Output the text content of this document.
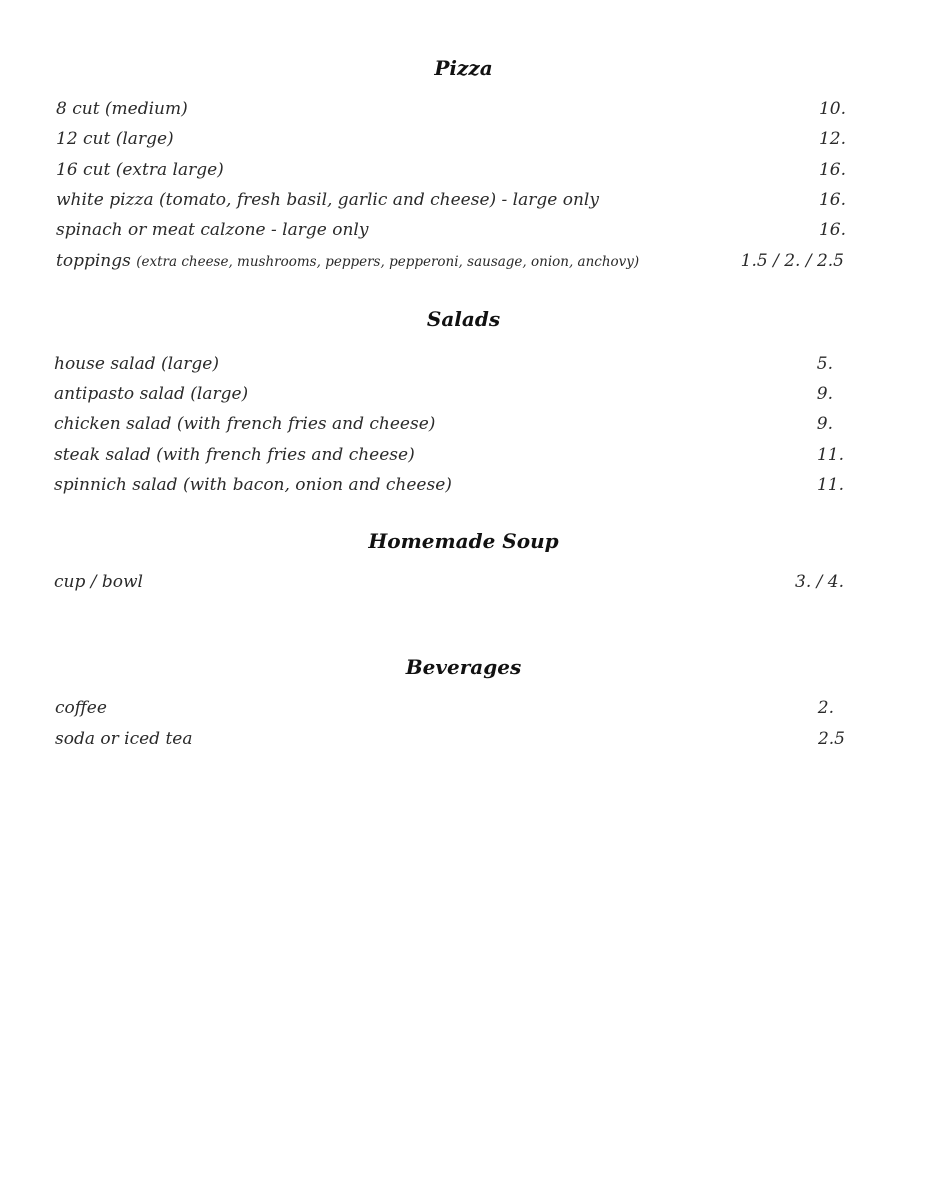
Pizza
8 cut (medium)	10.
12 cut (large)	12.
16 cut (extra large)	16.
white pizza (tomato, fresh basil, garlic and cheese) - large only	16.
spinach or meat calzone - large only	16.
toppings (extra cheese, mushrooms, peppers, pepperoni, sausage, onion, anchovy)	1.5 / 2. / 2.5
Salads
house salad (large)	5.
antipasto salad (large)	9.
chicken salad (with french fries and cheese)	9.
steak salad (with french fries and cheese)	11.
spinnich salad (with bacon, onion and cheese)	11.
Homemade Soup
cup / bowl	3. / 4.
Beverages
coffee	2.
soda or iced tea	2.5
